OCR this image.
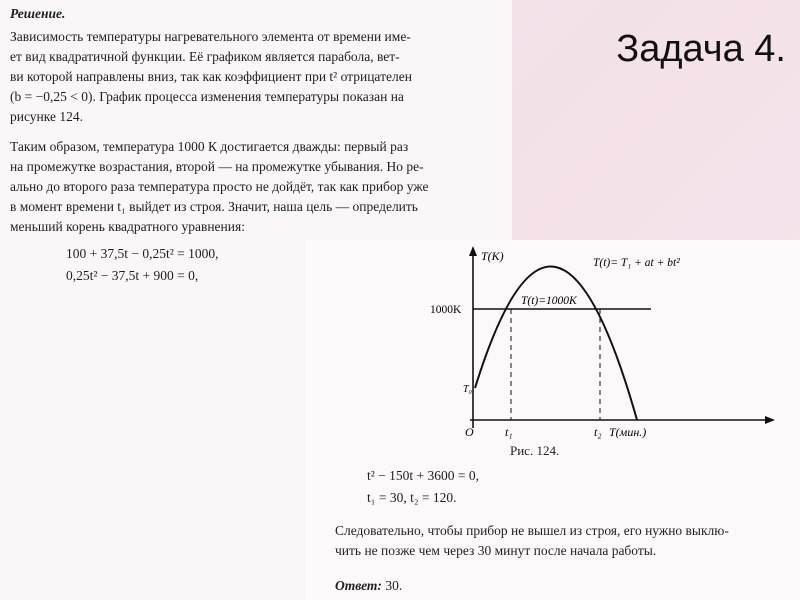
Решение.
Зависимость температуры нагревательного элемента от времени име-
ет вид квадратичной функции. Её графиком является парабола, вет-
ви которой направлены вниз, так как коэффициент при t² отрицателен
(b = −0,25 < 0). График процесса изменения температуры показан на
рисунке 124.
Таким образом, температура 1000 К достигается дважды: первый раз
на промежутке возрастания, второй — на промежутке убывания. Но ре-
ально до второго раза температура просто не дойдёт, так как прибор уже
в момент времени t₁ выйдет из строя. Значит, наша цель — определить
меньший корень квадратного уравнения:
100 + 37,5t − 0,25t² = 1000,
0,25t² − 37,5t + 900 = 0,
T(K)	T(t)= T₁ + at + bt²
T(t)=1000K
1000K
T₀
O	t₁	t₂ T(мин.)
Рис. 124.
t² − 150t + 3600 = 0,
t₁ = 30, t₂ = 120.
Следовательно, чтобы прибор не вышел из строя, его нужно выклю-
чить не позже чем через 30 минут после начала работы.
Ответ: 30.
Задача 4.
